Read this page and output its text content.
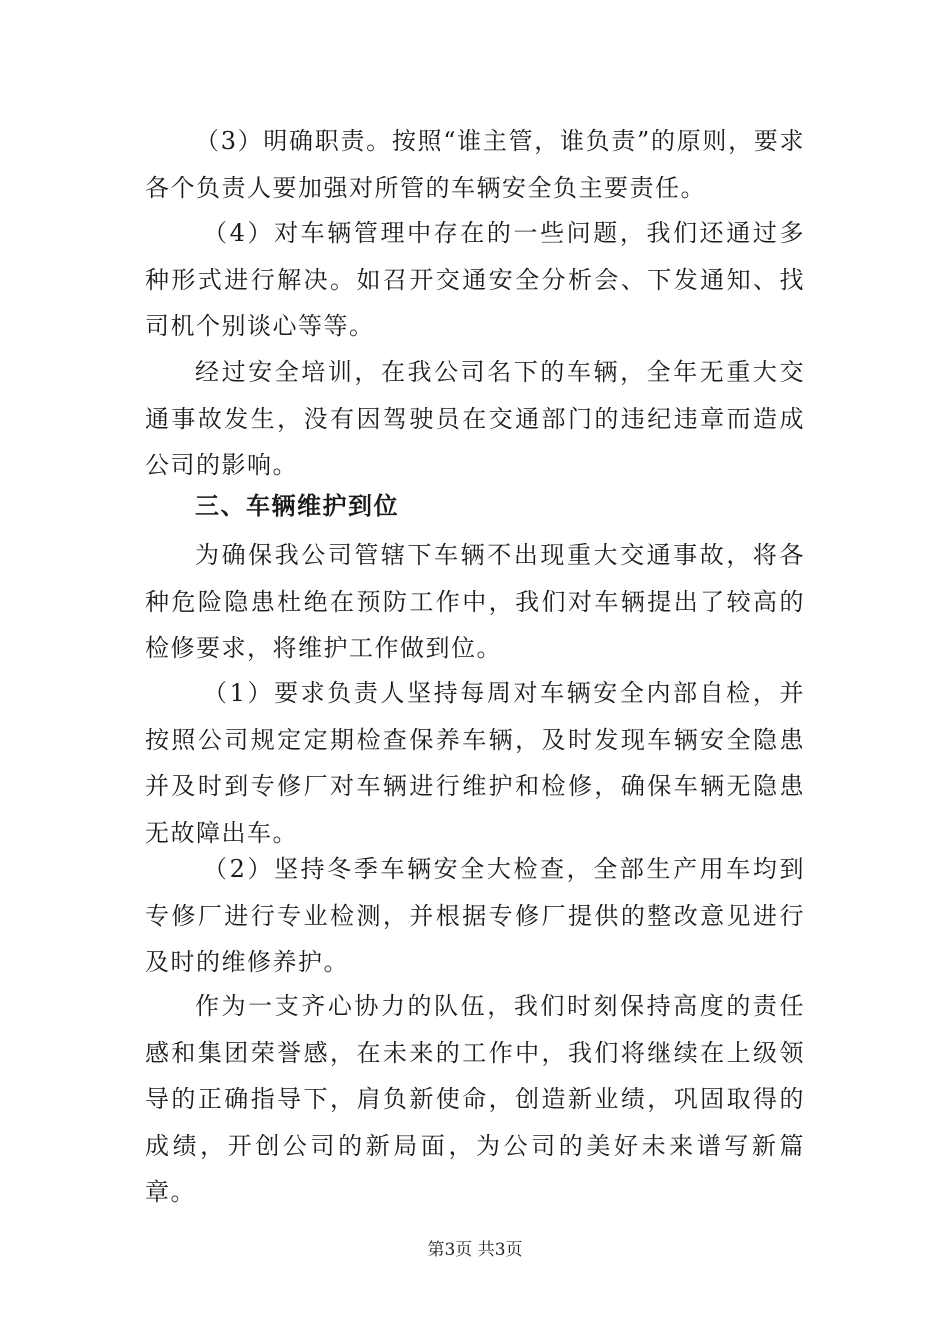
（3）明确职责。按照“谁主管，谁负责”的原则，要求各个负责人要加强对所管的车辆安全负主要责任。

（4）对车辆管理中存在的一些问题，我们还通过多种形式进行解决。如召开交通安全分析会、下发通知、找司机个别谈心等等。

经过安全培训，在我公司名下的车辆，全年无重大交通事故发生，没有因驾驶员在交通部门的违纪违章而造成公司的影响。

三、车辆维护到位

为确保我公司管辖下车辆不出现重大交通事故，将各种危险隐患杜绝在预防工作中，我们对车辆提出了较高的检修要求，将维护工作做到位。

（1）要求负责人坚持每周对车辆安全内部自检，并按照公司规定定期检查保养车辆，及时发现车辆安全隐患并及时到专修厂对车辆进行维护和检修，确保车辆无隐患无故障出车。

（2）坚持冬季车辆安全大检查，全部生产用车均到专修厂进行专业检测，并根据专修厂提供的整改意见进行及时的维修养护。

作为一支齐心协力的队伍，我们时刻保持高度的责任感和集团荣誉感，在未来的工作中，我们将继续在上级领导的正确指导下，肩负新使命，创造新业绩，巩固取得的成绩，开创公司的新局面，为公司的美好未来谱写新篇章。

第3页 共3页
